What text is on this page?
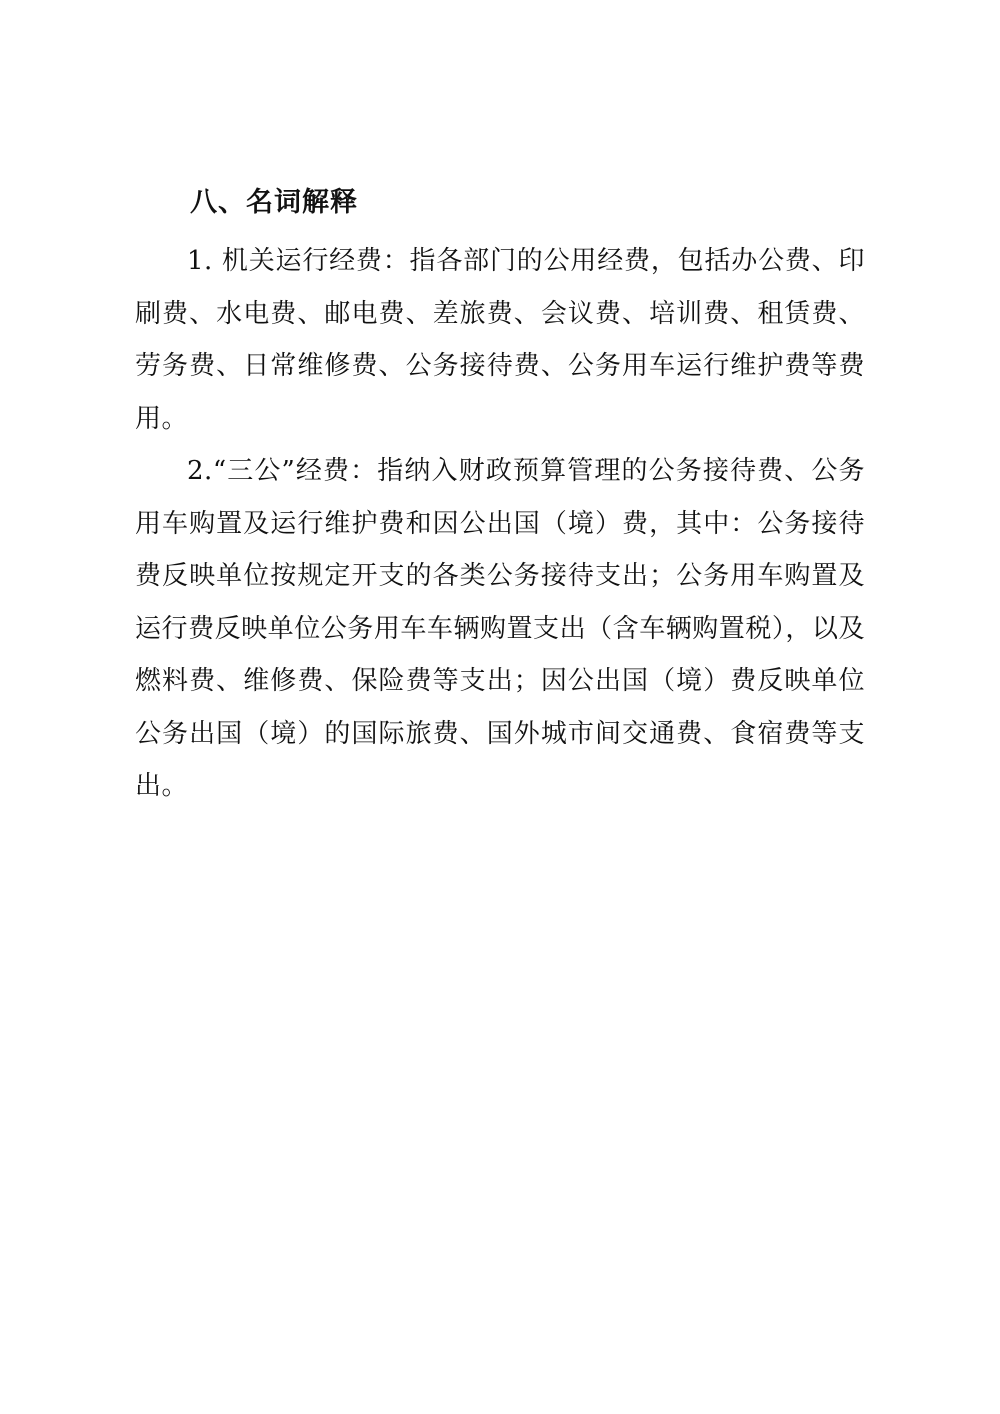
八、名词解释

1. 机关运行经费：指各部门的公用经费，包括办公费、印刷费、水电费、邮电费、差旅费、会议费、培训费、租赁费、劳务费、日常维修费、公务接待费、公务用车运行维护费等费用。

2.“三公”经费：指纳入财政预算管理的公务接待费、公务用车购置及运行维护费和因公出国（境）费，其中：公务接待费反映单位按规定开支的各类公务接待支出；公务用车购置及运行费反映单位公务用车车辆购置支出（含车辆购置税），以及燃料费、维修费、保险费等支出；因公出国（境）费反映单位公务出国（境）的国际旅费、国外城市间交通费、食宿费等支出。
